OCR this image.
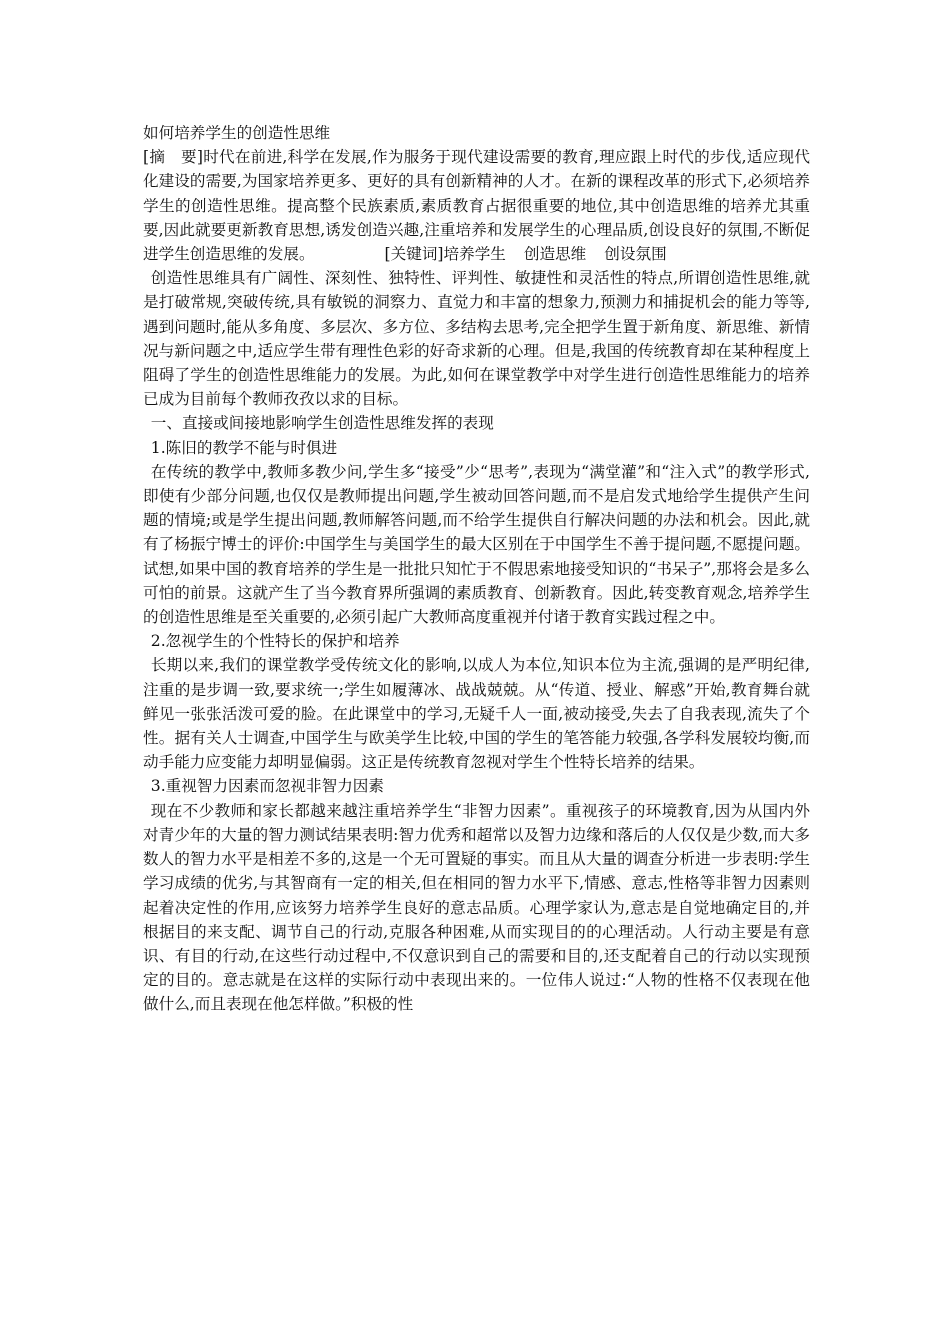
如何培养学生的创造性思维

[摘　要]时代在前进,科学在发展,作为服务于现代建设需要的教育,理应跟上时代的步伐,适应现代化建设的需要,为国家培养更多、更好的具有创新精神的人才。在新的课程改革的形式下,必须培养学生的创造性思维。提高整个民族素质,素质教育占据很重要的地位,其中创造思维的培养尤其重要,因此就要更新教育思想,诱发创造兴趣,注重培养和发展学生的心理品质,创设良好的氛围,不断促进学生创造思维的发展。	[关键词]培养学生 创造思维 创设氛围

创造性思维具有广阔性、深刻性、独特性、评判性、敏捷性和灵活性的特点,所谓创造性思维,就是打破常规,突破传统,具有敏锐的洞察力、直觉力和丰富的想象力,预测力和捕捉机会的能力等等,遇到问题时,能从多角度、多层次、多方位、多结构去思考,完全把学生置于新角度、新思维、新情况与新问题之中,适应学生带有理性色彩的好奇求新的心理。但是,我国的传统教育却在某种程度上阻碍了学生的创造性思维能力的发展。为此,如何在课堂教学中对学生进行创造性思维能力的培养已成为目前每个教师孜孜以求的目标。

一、直接或间接地影响学生创造性思维发挥的表现

1.陈旧的教学不能与时俱进

在传统的教学中,教师多教少问,学生多“接受”少“思考”,表现为“满堂灌”和“注入式”的教学形式,即使有少部分问题,也仅仅是教师提出问题,学生被动回答问题,而不是启发式地给学生提供产生问题的情境;或是学生提出问题,教师解答问题,而不给学生提供自行解决问题的办法和机会。因此,就有了杨振宁博士的评价:中国学生与美国学生的最大区别在于中国学生不善于提问题,不愿提问题。试想,如果中国的教育培养的学生是一批批只知忙于不假思索地接受知识的“书呆子”,那将会是多么可怕的前景。这就产生了当今教育界所强调的素质教育、创新教育。因此,转变教育观念,培养学生的创造性思维是至关重要的,必须引起广大教师高度重视并付诸于教育实践过程之中。

2.忽视学生的个性特长的保护和培养

长期以来,我们的课堂教学受传统文化的影响,以成人为本位,知识本位为主流,强调的是严明纪律,注重的是步调一致,要求统一;学生如履薄冰、战战兢兢。从“传道、授业、解惑”开始,教育舞台就鲜见一张张活泼可爱的脸。在此课堂中的学习,无疑千人一面,被动接受,失去了自我表现,流失了个性。据有关人士调查,中国学生与欧美学生比较,中国的学生的笔答能力较强,各学科发展较均衡,而动手能力应变能力却明显偏弱。这正是传统教育忽视对学生个性特长培养的结果。

3.重视智力因素而忽视非智力因素

现在不少教师和家长都越来越注重培养学生“非智力因素”。重视孩子的环境教育,因为从国内外对青少年的大量的智力测试结果表明:智力优秀和超常以及智力边缘和落后的人仅仅是少数,而大多数人的智力水平是相差不多的,这是一个无可置疑的事实。而且从大量的调查分析进一步表明:学生学习成绩的优劣,与其智商有一定的相关,但在相同的智力水平下,情感、意志,性格等非智力因素则起着决定性的作用,应该努力培养学生良好的意志品质。心理学家认为,意志是自觉地确定目的,并根据目的来支配、调节自己的行动,克服各种困难,从而实现目的的心理活动。人行动主要是有意识、有目的行动,在这些行动过程中,不仅意识到自己的需要和目的,还支配着自己的行动以实现预定的目的。意志就是在这样的实际行动中表现出来的。一位伟人说过:“人物的性格不仅表现在他做什么,而且表现在他怎样做。”积极的性
